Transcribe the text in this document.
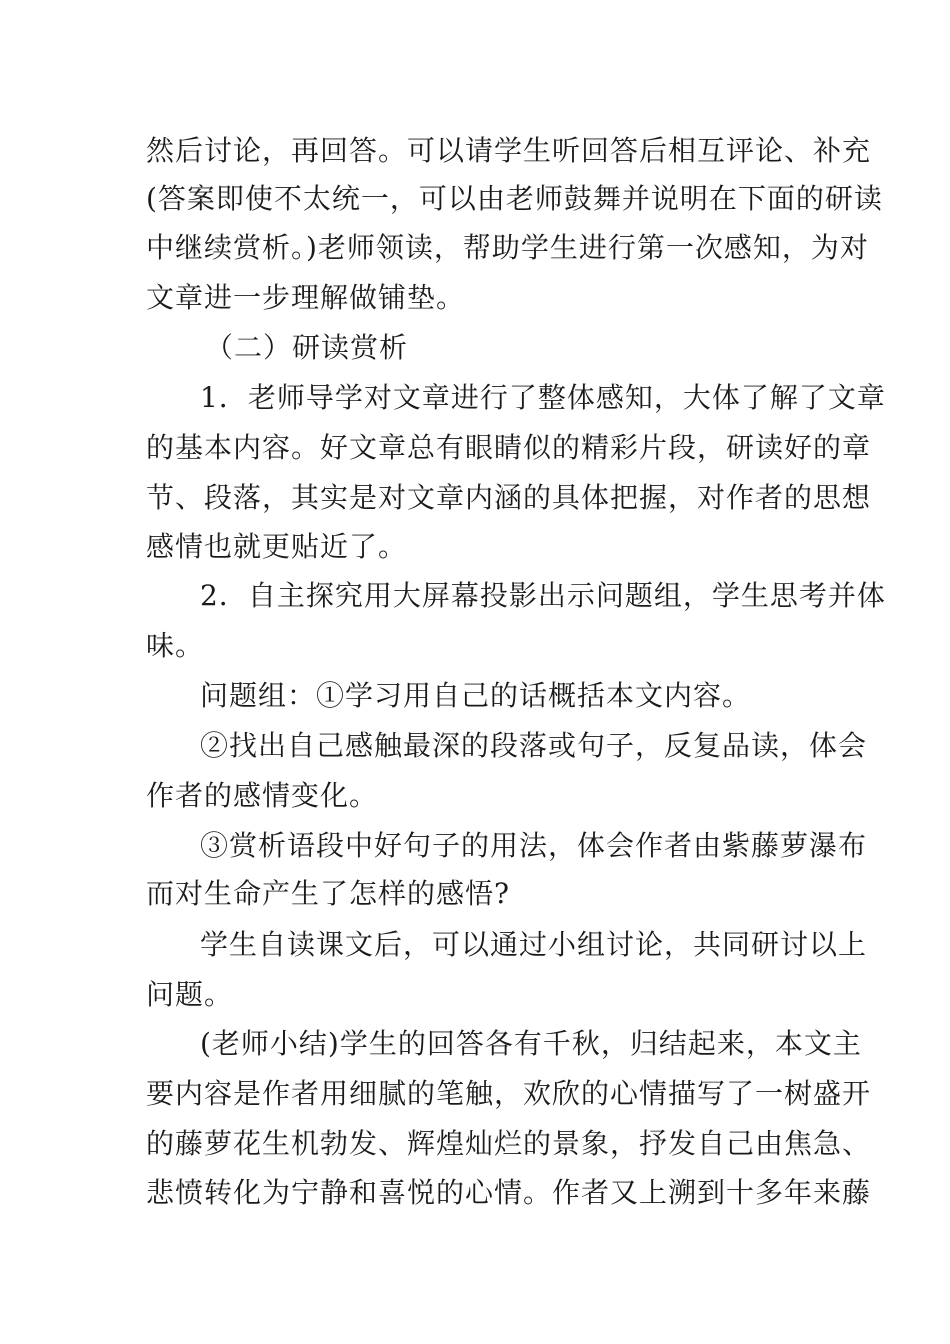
然后讨论，再回答。可以请学生听回答后相互评论、补充
(答案即使不太统一，可以由老师鼓舞并说明在下面的研读
中继续赏析。)老师领读，帮助学生进行第一次感知，为对
文章进一步理解做铺垫。
（二）研读赏析
1．老师导学对文章进行了整体感知，大体了解了文章
的基本内容。好文章总有眼睛似的精彩片段，研读好的章
节、段落，其实是对文章内涵的具体把握，对作者的思想
感情也就更贴近了。
2．自主探究用大屏幕投影出示问题组，学生思考并体
味。
问题组：①学习用自己的话概括本文内容。
②找出自己感触最深的段落或句子，反复品读，体会
作者的感情变化。
③赏析语段中好句子的用法，体会作者由紫藤萝瀑布
而对生命产生了怎样的感悟?
学生自读课文后，可以通过小组讨论，共同研讨以上
问题。
(老师小结)学生的回答各有千秋，归结起来，本文主
要内容是作者用细腻的笔触，欢欣的心情描写了一树盛开
的藤萝花生机勃发、辉煌灿烂的景象，抒发自己由焦急、
悲愤转化为宁静和喜悦的心情。作者又上溯到十多年来藤
